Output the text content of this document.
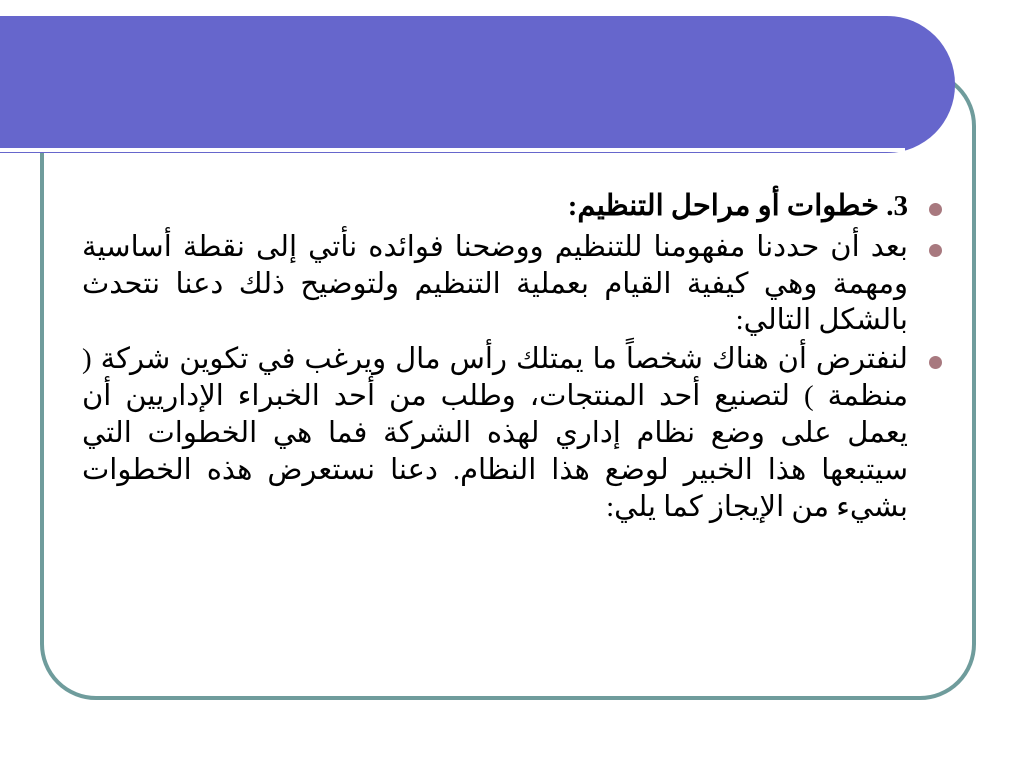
3. خطوات أو مراحل التنظيم:
بعد أن حددنا مفهومنا للتنظيم ووضحنا فوائده نأتي إلى نقطة أساسية ومهمة وهي كيفية القيام بعملية التنظيم ولتوضيح ذلك دعنا نتحدث بالشكل التالي:
لنفترض أن هناك شخصاً ما يمتلك رأس مال ويرغب في تكوين شركة ( منظمة ) لتصنيع أحد المنتجات، وطلب من أحد الخبراء الإداريين أن يعمل على وضع نظام إداري لهذه الشركة فما هي الخطوات التي سيتبعها هذا الخبير لوضع هذا النظام. دعنا نستعرض هذه الخطوات بشيء من الإيجاز كما يلي:
